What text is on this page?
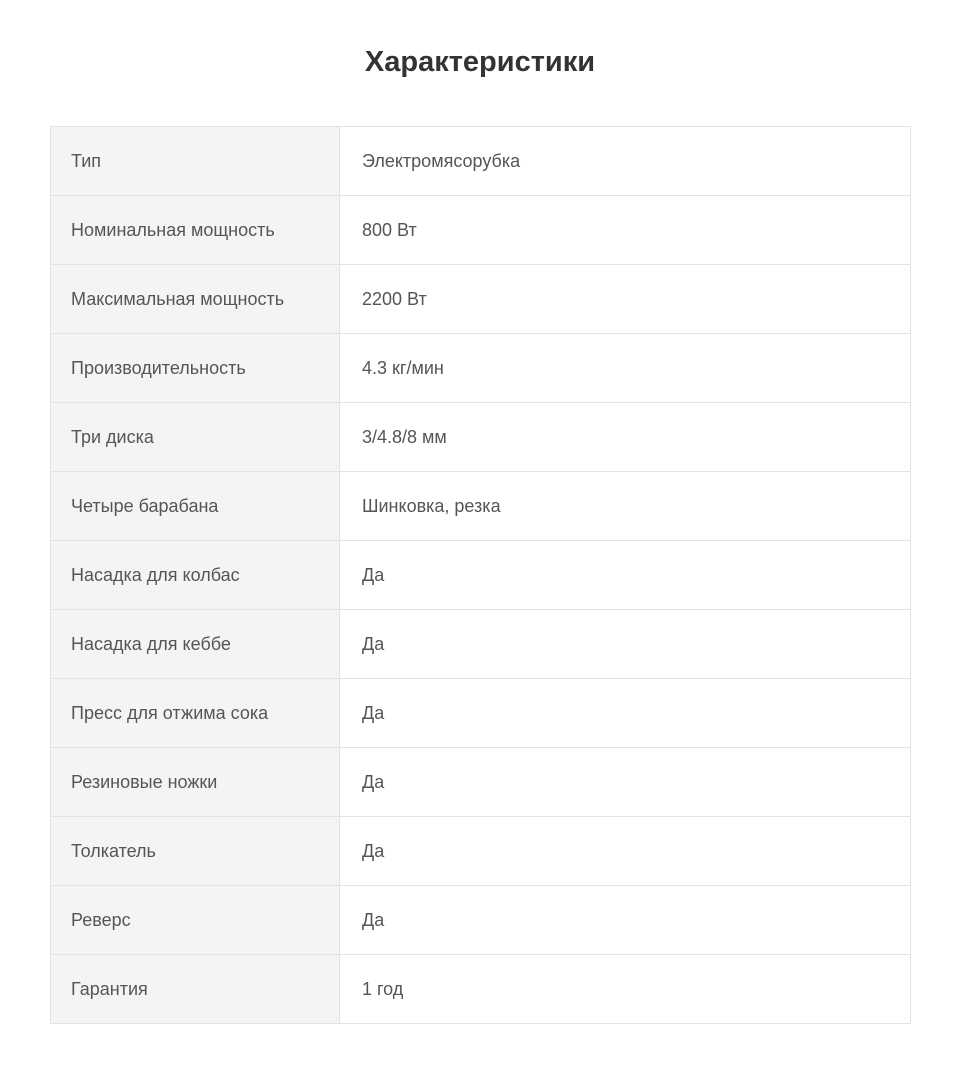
Характеристики
Тип	Электромясорубка
Номинальная мощность	800 Вт
Максимальная мощность	2200 Вт
Производительность	4.3 кг/мин
Три диска	3/4.8/8 мм
Четыре барабана	Шинковка, резка
Насадка для колбас	Да
Насадка для кеббе	Да
Пресс для отжима сока	Да
Резиновые ножки	Да
Толкатель	Да
Реверс	Да
Гарантия	1 год
